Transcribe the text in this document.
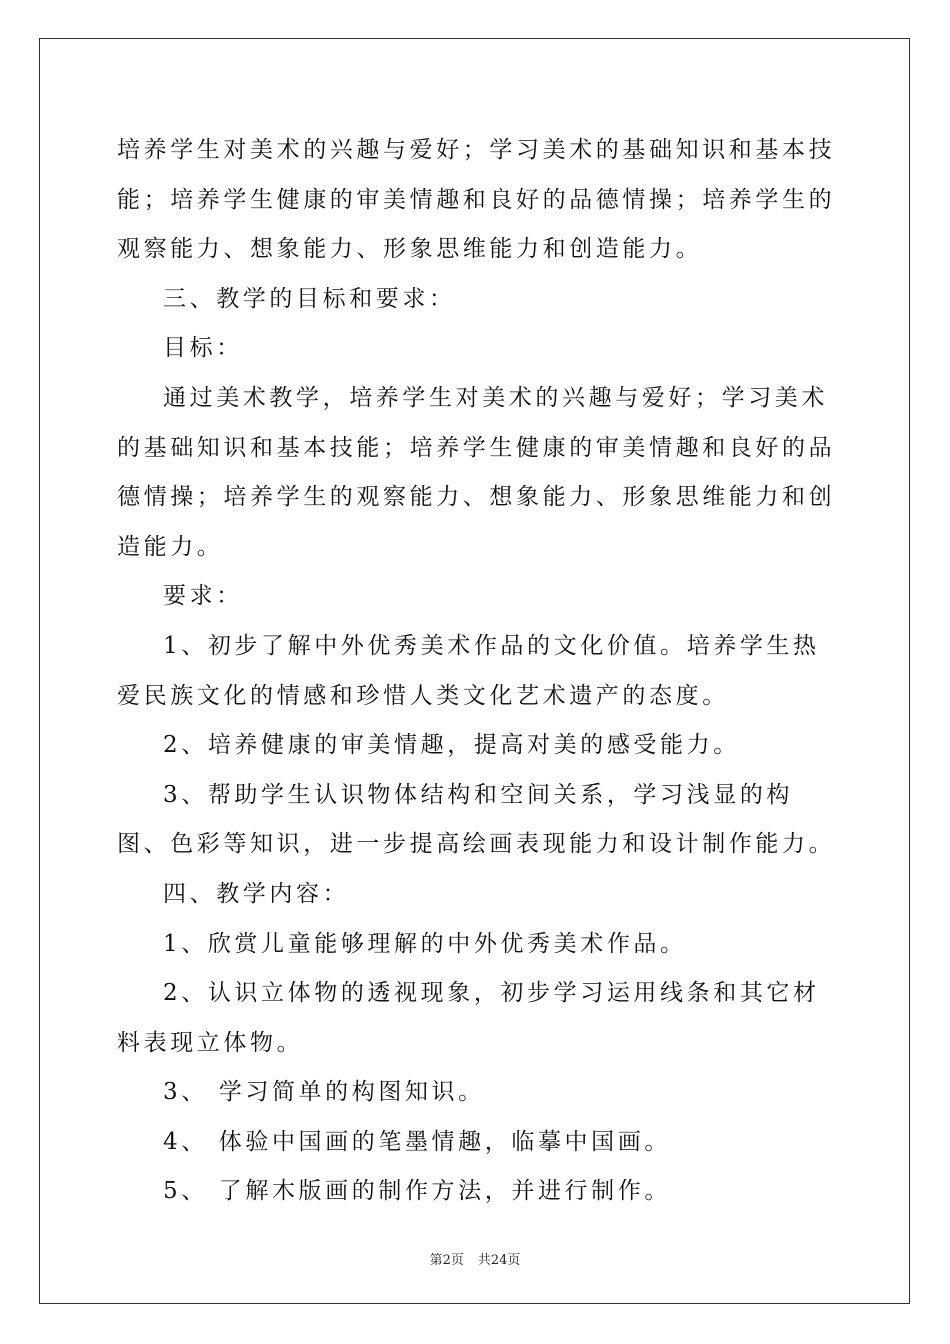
培养学生对美术的兴趣与爱好；学习美术的基础知识和基本技能；培养学生健康的审美情趣和良好的品德情操；培养学生的观察能力、想象能力、形象思维能力和创造能力。

三、教学的目标和要求：

目标：

通过美术教学，培养学生对美术的兴趣与爱好；学习美术的基础知识和基本技能；培养学生健康的审美情趣和良好的品德情操；培养学生的观察能力、想象能力、形象思维能力和创造能力。

要求：

1、初步了解中外优秀美术作品的文化价值。培养学生热爱民族文化的情感和珍惜人类文化艺术遗产的态度。

2、培养健康的审美情趣，提高对美的感受能力。

3、帮助学生认识物体结构和空间关系，学习浅显的构图、色彩等知识，进一步提高绘画表现能力和设计制作能力。

四、教学内容：

1、欣赏儿童能够理解的中外优秀美术作品。

2、认识立体物的透视现象，初步学习运用线条和其它材料表现立体物。

3、 学习简单的构图知识。

4、 体验中国画的笔墨情趣，临摹中国画。

5、 了解木版画的制作方法，并进行制作。

第2页 共24页
